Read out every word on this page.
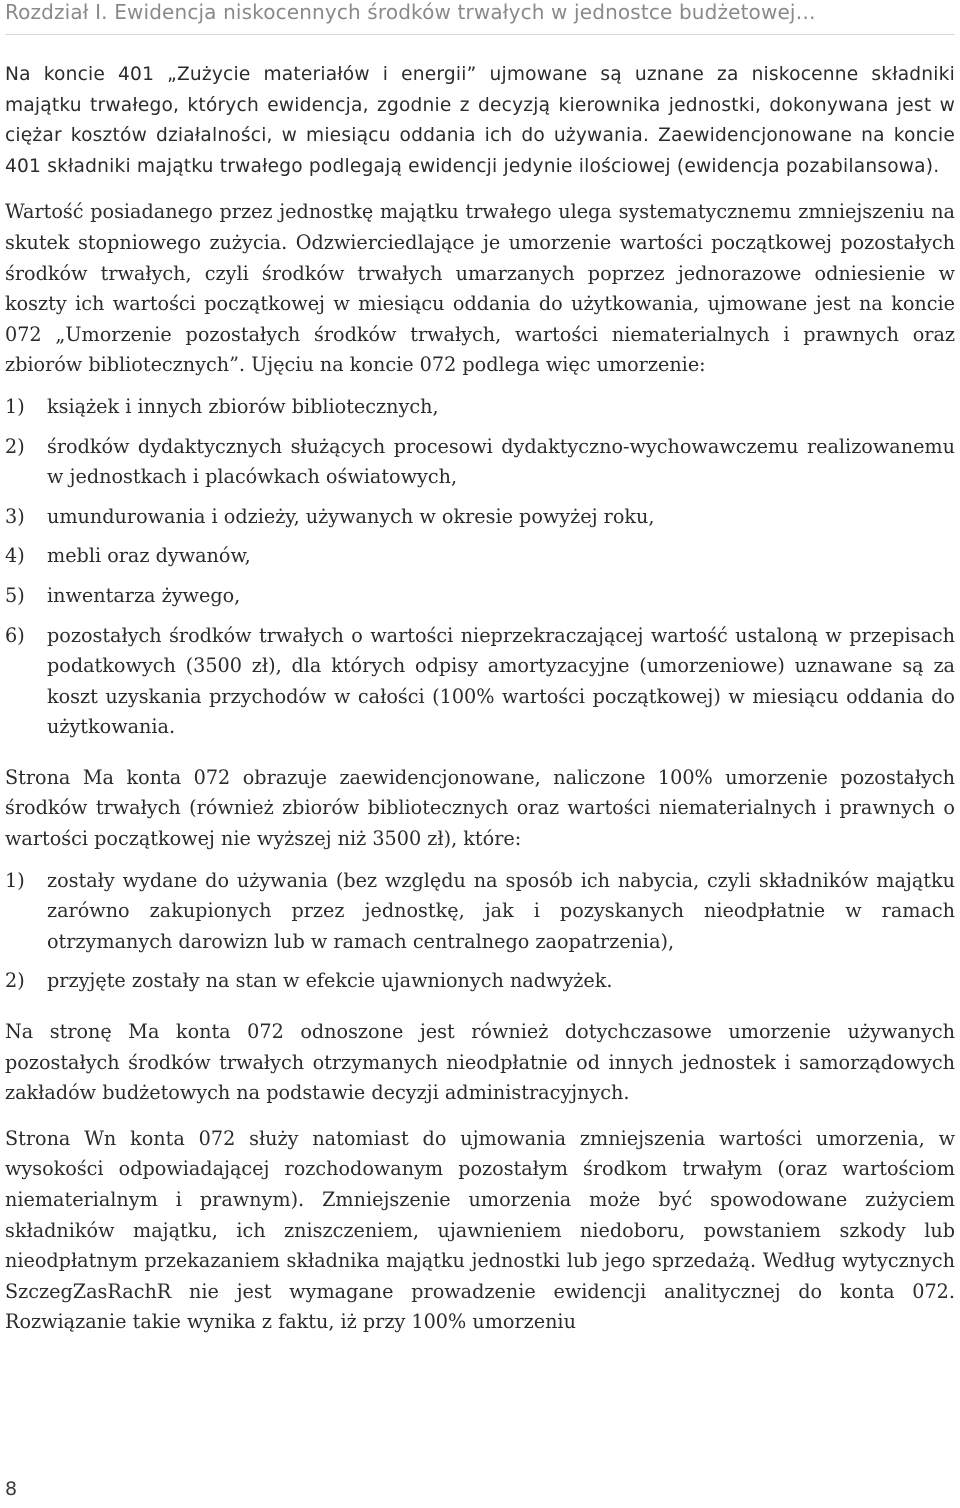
Rozdział I. Ewidencja niskocennych środków trwałych w jednostce budżetowej…

Na koncie 401 „Zużycie materiałów i energii” ujmowane są uznane za niskocenne składniki majątku trwałego, których ewidencja, zgodnie z decyzją kierownika jednostki, dokonywana jest w ciężar kosztów działalności, w miesiącu oddania ich do używania. Zaewidencjonowane na koncie 401 składniki majątku trwałego podlegają ewidencji jedynie ilościowej (ewidencja pozabilansowa).

Wartość posiadanego przez jednostkę majątku trwałego ulega systematycznemu zmniejszeniu na skutek stopniowego zużycia. Odzwierciedlające je umorzenie wartości początkowej pozostałych środków trwałych, czyli środków trwałych umarzanych poprzez jednorazowe odniesienie w koszty ich wartości początkowej w miesiącu oddania do użytkowania, ujmowane jest na koncie 072 „Umorzenie pozostałych środków trwałych, wartości niematerialnych i prawnych oraz zbiorów bibliotecznych”. Ujęciu na koncie 072 podlega więc umorzenie:

1) książek i innych zbiorów bibliotecznych,
2) środków dydaktycznych służących procesowi dydaktyczno-wychowawczemu realizowanemu w jednostkach i placówkach oświatowych,
3) umundurowania i odzieży, używanych w okresie powyżej roku,
4) mebli oraz dywanów,
5) inwentarza żywego,
6) pozostałych środków trwałych o wartości nieprzekraczającej wartość ustaloną w przepisach podatkowych (3500 zł), dla których odpisy amortyzacyjne (umorzeniowe) uznawane są za koszt uzyskania przychodów w całości (100% wartości początkowej) w miesiącu oddania do użytkowania.

Strona Ma konta 072 obrazuje zaewidencjonowane, naliczone 100% umorzenie pozostałych środków trwałych (również zbiorów bibliotecznych oraz wartości niematerialnych i prawnych o wartości początkowej nie wyższej niż 3500 zł), które:

1) zostały wydane do używania (bez względu na sposób ich nabycia, czyli składników majątku zarówno zakupionych przez jednostkę, jak i pozyskanych nieodpłatnie w ramach otrzymanych darowizn lub w ramach centralnego zaopatrzenia),
2) przyjęte zostały na stan w efekcie ujawnionych nadwyżek.

Na stronę Ma konta 072 odnoszone jest również dotychczasowe umorzenie używanych pozostałych środków trwałych otrzymanych nieodpłatnie od innych jednostek i samorządowych zakładów budżetowych na podstawie decyzji administracyjnych.

Strona Wn konta 072 służy natomiast do ujmowania zmniejszenia wartości umorzenia, w wysokości odpowiadającej rozchodowanym pozostałym środkom trwałym (oraz wartościom niematerialnym i prawnym). Zmniejszenie umorzenia może być spowodowane zużyciem składników majątku, ich zniszczeniem, ujawnieniem niedoboru, powstaniem szkody lub nieodpłatnym przekazaniem składnika majątku jednostki lub jego sprzedażą. Według wytycznych SzczegZasRachR nie jest wymagane prowadzenie ewidencji analitycznej do konta 072. Rozwiązanie takie wynika z faktu, iż przy 100% umorzeniu

8
